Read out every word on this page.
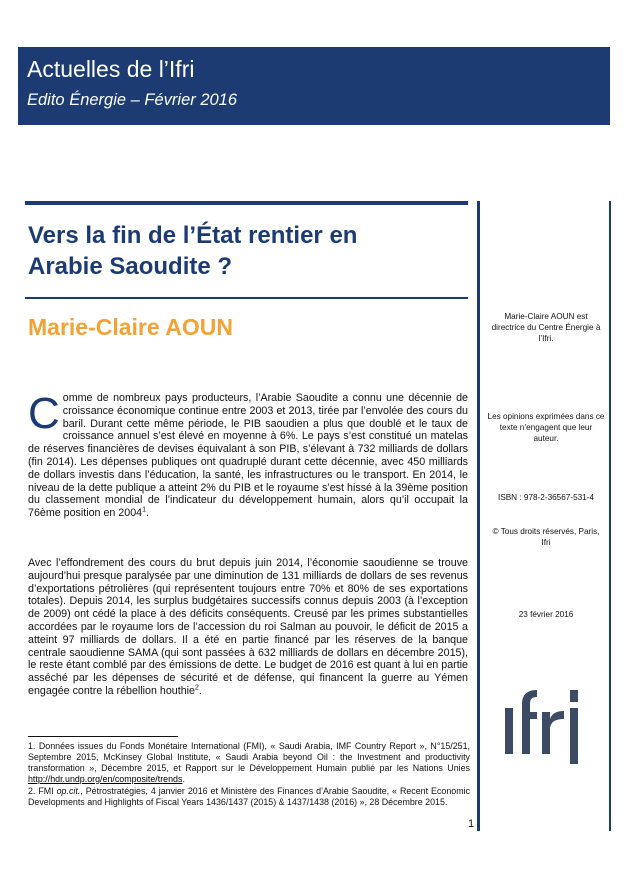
Actuelles de l’Ifri
Edito Énergie – Février 2016
Vers la fin de l’État rentier en
Arabie Saoudite ?
Marie-Claire AOUN
Comme de nombreux pays producteurs, l’Arabie Saoudite a connu une décennie de croissance économique continue entre 2003 et 2013, tirée par l’envolée des cours du baril. Durant cette même période, le PIB saoudien a plus que doublé et le taux de croissance annuel s’est élevé en moyenne à 6%. Le pays s’est constitué un matelas de réserves financières de devises équivalant à son PIB, s’élevant à 732 milliards de dollars (fin 2014). Les dépenses publiques ont quadruplé durant cette décennie, avec 450 milliards de dollars investis dans l’éducation, la santé, les infrastructures ou le transport. En 2014, le niveau de la dette publique a atteint 2% du PIB et le royaume s’est hissé à la 39ème position du classement mondial de l’indicateur du développement humain, alors qu’il occupait la 76ème position en 2004$^1$.
Avec l’effondrement des cours du brut depuis juin 2014, l’économie saoudienne se trouve aujourd’hui presque paralysée par une diminution de 131 milliards de dollars de ses revenus d’exportations pétrolières (qui représentent toujours entre 70% et 80% de ses exportations totales). Depuis 2014, les surplus budgétaires successifs connus depuis 2003 (à l’exception de 2009) ont cédé la place à des déficits conséquents. Creusé par les primes substantielles accordées par le royaume lors de l’accession du roi Salman au pouvoir, le déficit de 2015 a atteint 97 milliards de dollars. Il a été en partie financé par les réserves de la banque centrale saoudienne SAMA (qui sont passées à 632 milliards de dollars en décembre 2015), le reste étant comblé par des émissions de dette. Le budget de 2016 est quant à lui en partie asséché par les dépenses de sécurité et de défense, qui financent la guerre au Yémen engagée contre la rébellion houthie$^2$.
1. Données issues du Fonds Monétaire International (FMI), « Saudi Arabia, IMF Country Report », N°15/251, Septembre 2015, McKinsey Global Institute, « Saudi Arabia beyond Oil : the Investment and productivity transformation », Décembre 2015, et Rapport sur le Développement Humain publié par les Nations Unies http://hdr.undp.org/en/composite/trends.
2. FMI op.cit., Pétrostratégies, 4 janvier 2016 et Ministère des Finances d’Arabie Saoudite, « Recent Economic Developments and Highlights of Fiscal Years 1436/1437 (2015) & 1437/1438 (2016) », 28 Décembre 2015.
1
Marie-Claire AOUN est directrice du Centre Énergie à l’Ifri.
Les opinions exprimées dans ce texte n’engagent que leur auteur.
ISBN : 978-2-36567-531-4
© Tous droits réservés, Paris, Ifri
23 février 2016
